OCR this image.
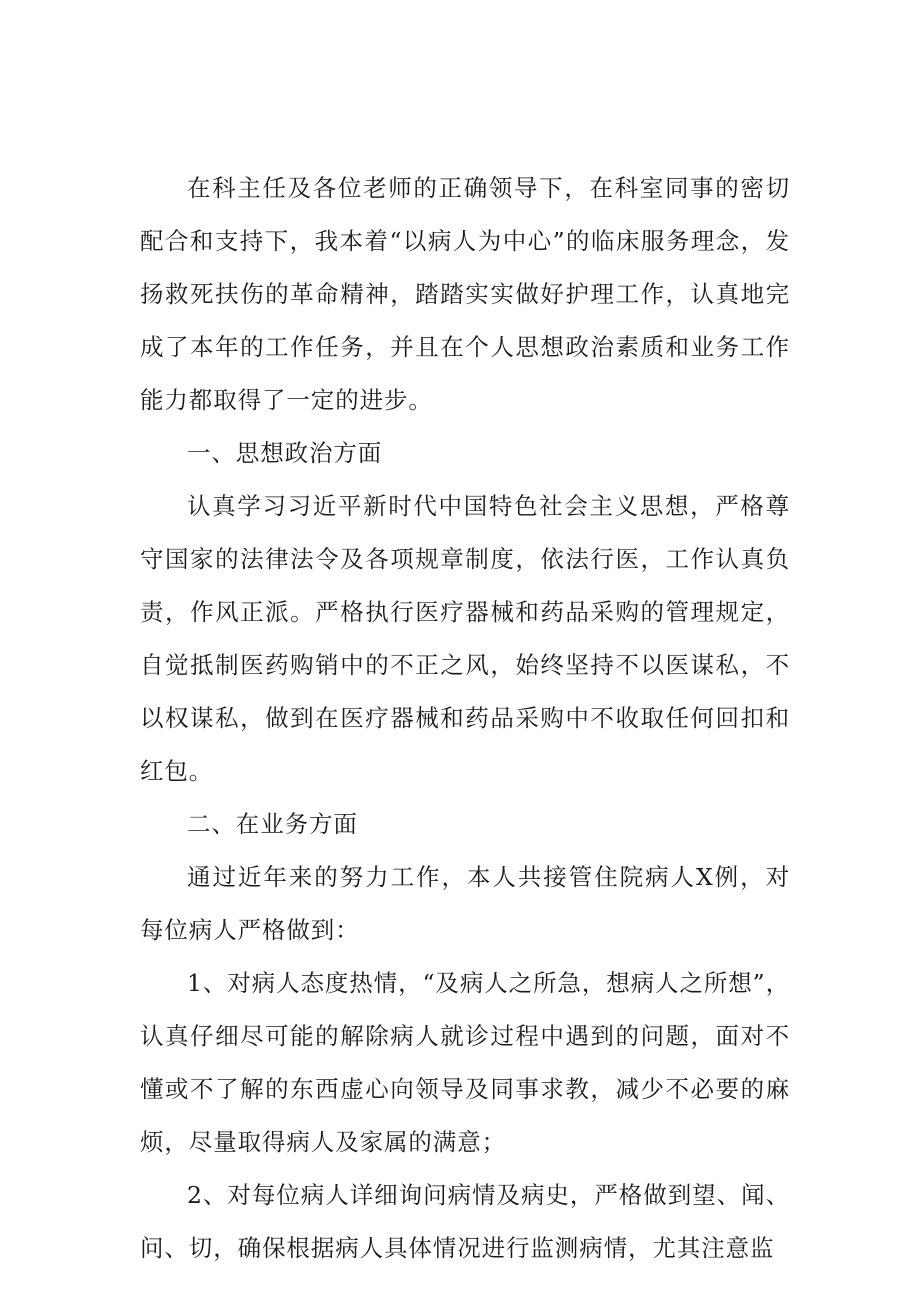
在科主任及各位老师的正确领导下，在科室同事的密切配合和支持下，我本着“以病人为中心”的临床服务理念，发扬救死扶伤的革命精神，踏踏实实做好护理工作，认真地完成了本年的工作任务，并且在个人思想政治素质和业务工作能力都取得了一定的进步。

一、思想政治方面

认真学习习近平新时代中国特色社会主义思想，严格尊守国家的法律法令及各项规章制度，依法行医，工作认真负责，作风正派。严格执行医疗器械和药品采购的管理规定，自觉抵制医药购销中的不正之风，始终坚持不以医谋私，不以权谋私，做到在医疗器械和药品采购中不收取任何回扣和红包。

二、在业务方面

通过近年来的努力工作，本人共接管住院病人X例，对每位病人严格做到：

1、对病人态度热情，“及病人之所急，想病人之所想”，认真仔细尽可能的解除病人就诊过程中遇到的问题，面对不懂或不了解的东西虚心向领导及同事求教，减少不必要的麻烦，尽量取得病人及家属的满意；

2、对每位病人详细询问病情及病史，严格做到望、闻、问、切，确保根据病人具体情况进行监测病情，尤其注意监
